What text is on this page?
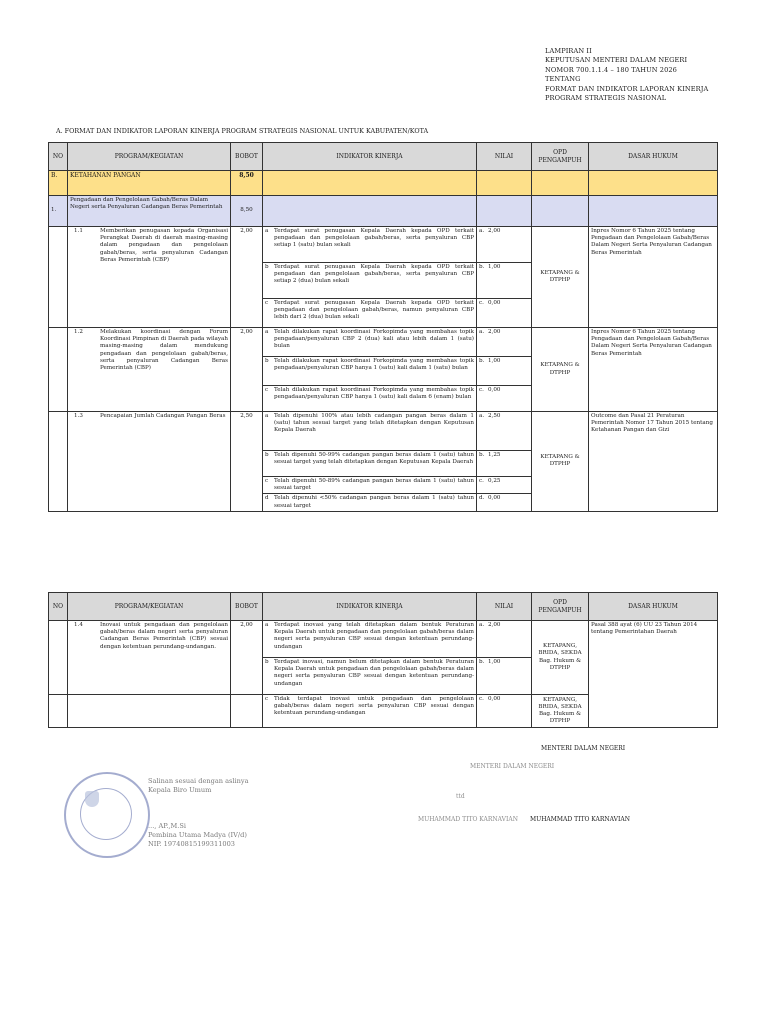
LAMPIRAN II
KEPUTUSAN MENTERI DALAM NEGERI
NOMOR 700.1.1.4 – 180 TAHUN 2026
TENTANG
FORMAT DAN INDIKATOR LAPORAN KINERJA
PROGRAM STRATEGIS NASIONAL
A. FORMAT DAN INDIKATOR LAPORAN KINERJA PROGRAM STRATEGIS NASIONAL UNTUK KABUPATEN/KOTA
NO	PROGRAM/KEGIATAN	BOBOT	INDIKATOR KINERJA	NILAI	OPD PENGAMPUH	DASAR HUKUM
B.	KETAHANAN PANGAN	8,50				
1.	Pengadaan dan Pengelolaan Gabah/Beras Dalam Negeri serta Penyaluran Cadangan Beras Pemerintah	8,50				

	1.1 Memberikan penugasan kepada Organisasi Perangkat Daerah di daerah masing-masing dalam pengadaan dan pengelolaan gabah/beras, serta penyaluran Cadangan Beras Pemerintah (CBP)	2,00	a Terdapat surat penugasan Kepala Daerah kepada OPD terkait pengadaan dan pengelolaan gabah/beras, serta penyaluran CBP setiap 1 (satu) bulan sekali	a. 2,00	KETAPANG & DTPHP	Inpres Nomor 6 Tahun 2025 tentang Pengadaan dan Pengelolaan Gabah/Beras Dalam Negeri Serta Penyaluran Cadangan Beras Pemerintah

			b Terdapat surat penugasan Kepala Daerah kepada OPD terkait pengadaan dan pengelolaan gabah/beras, serta penyaluran CBP setiap 2 (dua) bulan sekali	b. 1,00		

			c Terdapat surat penugasan Kepala Daerah kepada OPD terkait pengadaan dan pengelolaan gabah/beras, namun penyaluran CBP lebih dari 2 (dua) bulan sekali	c. 0,00		

	1.2 Melakukan koordinasi dengan Forum Koordinasi Pimpinan di Daerah pada wilayah masing-masing dalam mendukung pengadaan dan pengelolaan gabah/beras, serta penyaluran Cadangan Beras Pemerintah (CBP)	2,00	a Telah dilakukan rapat koordinasi Forkopimda yang membahas topik pengadaan/penyaluran CBP 2 (dua) kali atau lebih dalam 1 (satu) bulan	a. 2,00	KETAPANG & DTPHP	Inpres Nomor 6 Tahun 2025 tentang Pengadaan dan Pengelolaan Gabah/Beras Dalam Negeri Serta Penyaluran Cadangan Beras Pemerintah

			b Telah dilakukan rapat koordinasi Forkopimda yang membahas topik pengadaan/penyaluran CBP hanya 1 (satu) kali dalam 1 (satu) bulan	b. 1,00		

			c Telah dilakukan rapat koordinasi Forkopimda yang membahas topik pengadaan/penyaluran CBP hanya 1 (satu) kali dalam 6 (enam) bulan	c. 0,00		

	1.3 Pencapaian Jumlah Cadangan Pangan Beras	2,50	a Telah dipenuhi 100% atau lebih cadangan pangan beras dalam 1 (satu) tahun sesuai target yang telah ditetapkan dengan Keputusan Kepala Daerah	a. 2,50	KETAPANG & DTPHP	Outcome dan Pasal 21 Peraturan Pemerintah Nomor 17 Tahun 2015 tentang Ketahanan Pangan dan Gizi

			b Telah dipenuhi 50-99% cadangan pangan beras dalam 1 (satu) tahun sesuai target yang telah ditetapkan dengan Keputusan Kepala Daerah	b. 1,25		

			c Telah dipenuhi 50-89% cadangan pangan beras dalam 1 (satu) tahun sesuai target	c. 0,25		

			d Telah dipenuhi <50% cadangan pangan beras dalam 1 (satu) tahun sesuai target	d. 0,00		
NO	PROGRAM/KEGIATAN	BOBOT	INDIKATOR KINERJA	NILAI	OPD PENGAMPUH	DASAR HUKUM

	1.4 Inovasi untuk pengadaan dan pengelolaan gabah/beras dalam negeri serta penyaluran Cadangan Beras Pemerintah (CBP) sesuai dengan ketentuan perundang-undangan.	2,00	a Terdapat inovasi yang telah ditetapkan dalam bentuk Peraturan Kepala Daerah untuk pengadaan dan pengelolaan gabah/beras dalam negeri serta penyaluran CBP sesuai dengan ketentuan perundang-undangan	a. 2,00	KETAPANG, BRIDA, SEKDA Bag. Hukum & DTPHP	Pasal 388 ayat (6) UU 23 Tahun 2014 tentang Pemerintahan Daerah

			b Terdapat inovasi, namun belum ditetapkan dalam bentuk Peraturan Kepala Daerah untuk pengadaan dan pengelolaan gabah/beras dalam negeri serta penyaluran CBP sesuai dengan ketentuan perundang-undangan	b. 1,00		

			c Tidak terdapat inovasi untuk pengadaan dan pengelolaan gabah/beras dalam negeri serta penyaluran CBP sesuai dengan ketentuan perundang-undangan	c. 0,00	KETAPANG, BRIDA, SEKDA Bag. Hukum & DTPHP	
MENTERI DALAM NEGERI
MENTERI DALAM NEGERI
ttd
MUHAMMAD TITO KARNAVIAN MUHAMMAD TITO KARNAVIAN
Salinan sesuai dengan aslinya
Kepala Biro Umum

..., AP.,M.Si
Pembina Utama Madya (IV/d)
NIP. 19740815199311003
